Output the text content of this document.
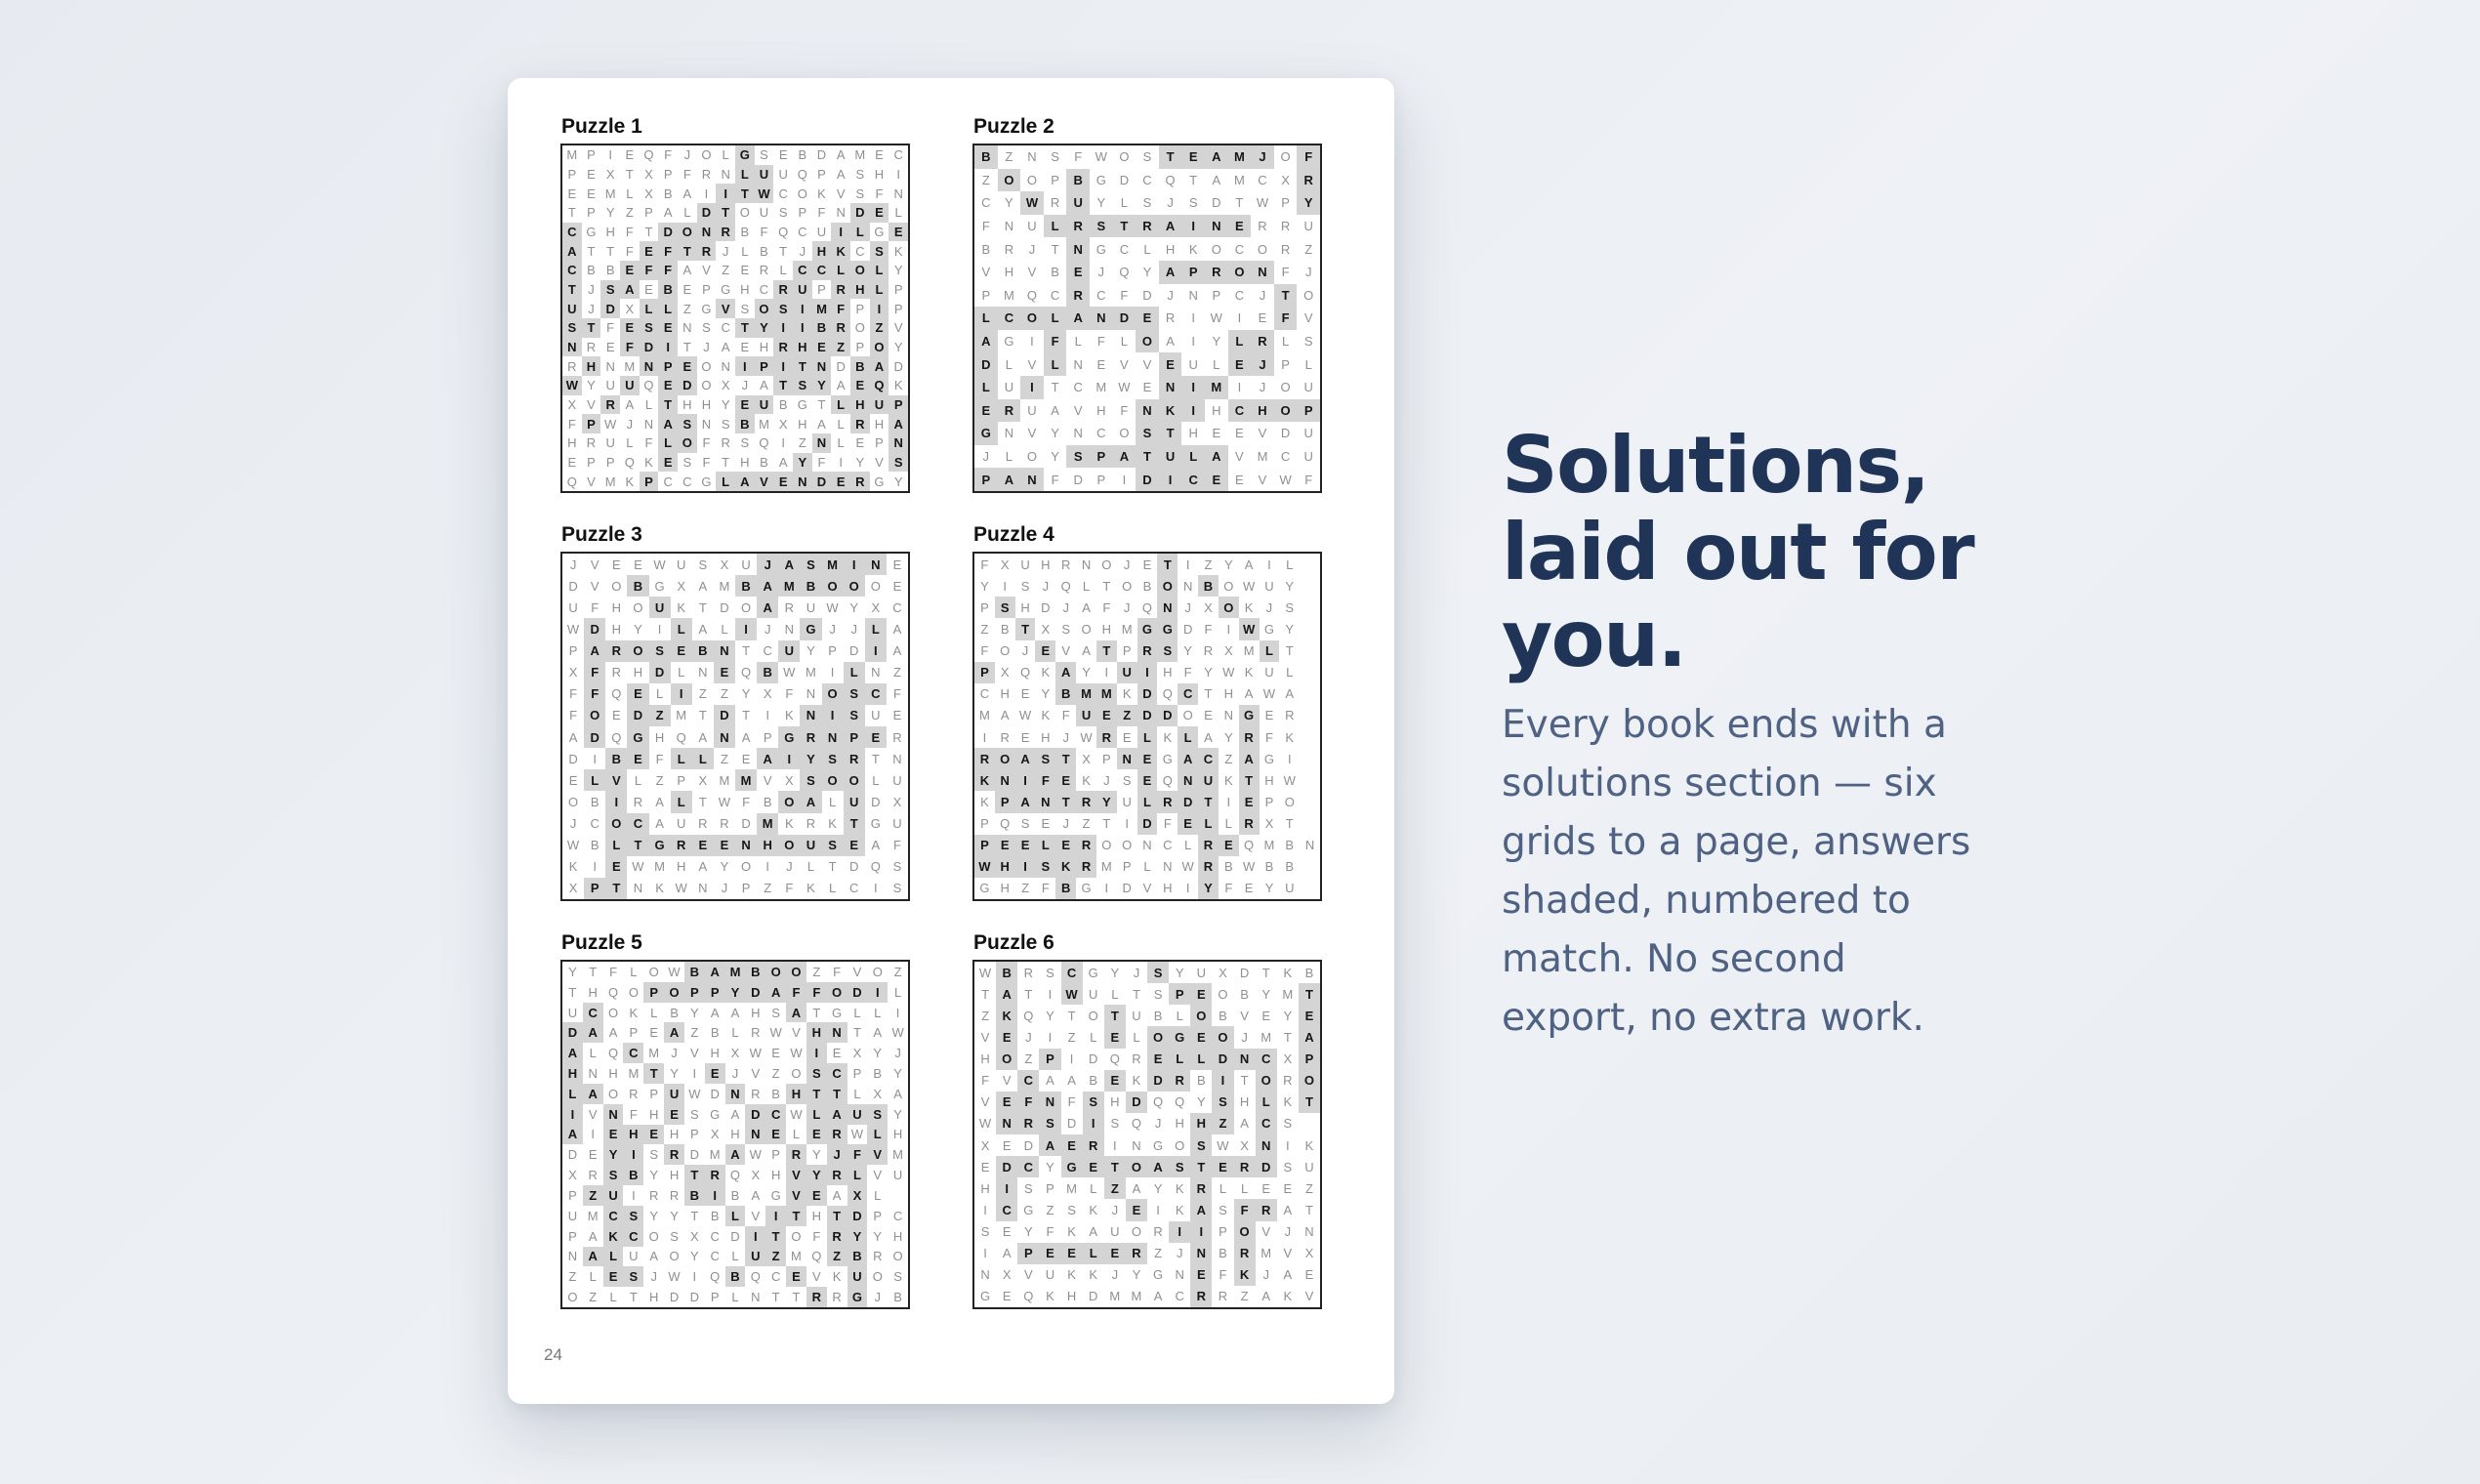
Puzzle 1
M P	I	E Q F J O L G S E B D A M E C
P E X T X P F R N L U U Q P A S H	I
E E M L X B A	I	I	T W C O K V S F N
T P Y Z P A L D T O U S P F N D E L
C G H F T D O N R B F Q C U	I	L G E
A T T F E F T R J L B T J H K C S K
C B B E F F A V Z E R L C C L O L Y
T J S A E B E P G H C R U P R H L P
U J D X L L Z G V S O S	I M F P	I	P
S T F E S E N S C T Y	I	I	B R O Z V
N R E F D	I	T J A E H R H E Z P O Y
R H N M N P E O N	I	P	I	T N D B A D
W Y U U Q E D O X J A T S Y A E Q K
X V R A L T H H Y E U B G T L H U P
F P W J N A S N S B M X H A L R H A
H R U L F L O F R S Q I	Z N L E P N
E P P Q K E S F T H B A Y F	I	Y V S
Q V M K P C C G L A V E N D E R G Y
Puzzle 2
B	Z	N	S	F	W O	S	T	E	A	M	J	O	F
Z	O	O	P	B	G	D	C	Q	T	A	M	C	X	R
C	Y	W R	U	Y	L	S	J	S	D	T	W	P	Y
F	N	U	L	R	S	T	R	A	I	N	E	R	R	U
B	R	J	T	N	G	C	L	H	K	O	C	O	R	Z
V	H	V	B	E	J	Q	Y	A	P	R	O	N	F	J
P	M	Q	C	R	C	F	D	J	N	P	C	J	T	O
L	C	O	L	A	N	D	E	R	I	W	I	E	F	V
A	G	I	F	L	F	L	O	A	I	Y	L	R	L	S
D	L	V	L	N	E	V	V	E	U	L	E	J	P	L
L	U	I	T	C	M W	E	N	I	M	I	J	O	U
E	R	U	A	V	H	F	N	K	I	H	C	H	O	P
G	N	V	Y	N	C	O	S	T	H	E	E	V	D	U
J	L	O	Y	S	P	A	T	U	L	A	V	M	C	U
P	A	N	F	D	P	I	D	I	C	E	E	V	W	F
Puzzle 3
J	V	E	E W U	S	X	U	J	A	S M	I	N	E
D	V O B G X	A M B A M B O O O E
U	F	H O U	K	T	D O A R U W Y	X	C
W D H	Y	I	L	A	L	I	J	N G	J	J	L	A
P	A R O S	E	B N	T	C U	Y	P	D	I	A
X	F	R H D	L	N	E Q B W M	I	L	N	Z
F	F	Q E	L	I	Z	Z	Y	X	F	N O S	C	F
F	O E	D	Z M T	D	T	I	K	N	I	S	U	E
A	D Q G H Q A	N	A	P G R N	P	E	R
D	I	B	E	F	L	L	Z	E	A	I	Y	S	R	T	N
E	L	V	L	Z	P	X M M V	X	S O O	L	U
O B	I	R	A	L	T W F	B O A	L	U D	X
J	C O C	A	U R R D M K	R	K	T	G U
W B	L	T	G R	E	E	N H O U	S	E	A	F
K	I	E W M H	A	Y O	I	J	L	T	D Q S
X	P	T	N	K W N	J	P	Z	F	K	L	C	I	S
Puzzle 4
F X U H R N O J	E T	I	Z Y A	I	L
Y	I	S	J Q L	T O B O N B O W U Y
P S H D J	A F	J Q N J	X O K	J	S
Z B T X S O H M G G D F	I W G Y
F O J	E V A T P R S Y R X M L T
P X Q K A Y	I	U	I	H F Y W K U L
C H E Y B M M K D Q C T H A W A
M A W K F U E Z D D O E N G E R
I	R E H J W R E L K L A Y R F K
R O A S T X P N E G A C Z A G	I
K N	I	F E K	J	S E Q N U K T H W
K P A N T R Y U L R D T	I	E P O
P Q S E	J	Z T	I	D F E L	L R X T
P E E L E R O O N C L R E Q M B N
W H	I	S K R M P L N W R B W B B
G H Z F B G	I	D V H	I	Y F E Y U
Puzzle 5
Y T F	L O W B A M B O O Z F V O Z
T H Q O P O P P Y D A F F O D	I	L
U C O K L B Y A A H S A T G L	L	I
D A A P E A Z B L R W V H N T A W
A L Q C M J	V H X W E W I	E X Y	J
H N H M T Y	I	E	J	V Z O S C P B Y
L A O R P U W D N R B H T T	L X A
I	V N F H E S G A D C W L A U S Y
A	I	E H E H P X H N E L E R W L H
D E Y	I	S R D M A W P R Y J	F V M
X R S B Y H T R Q X H V Y R L V U
P Z U	I	R R B	I	B A G V E A X L
U M C S Y Y T B L V	I	T H T D P C
P A K C O S X C D	I	T O F R Y Y H
N A L U A O Y C L U Z M Q Z B R O
Z	L E S	J W I	Q B Q C E V K U O S
O Z	L	T H D D P L N T T R R G J	B
Puzzle 6
W B R	S	C G Y	J	S	Y	U	X	D	T	K	B
T	A	T	I	W U	L	T	S	P	E O B	Y M T
Z	K Q Y	T	O	T	U	B	L	O B	V	E	Y	E
V	E	J	I	Z	L	E	L	O G E O	J	M T	A
H O	Z	P	I	D Q R	E	L	L	D N C	X	P
F	V	C	A	A	B	E	K	D R	B	I	T	O R O
V	E	F	N	F	S	H D Q Q Y	S	H	L	K	T
W N R	S	D	I	S Q	J	H H	Z	A	C	S
X	E	D A	E	R	I	N G O S W X	N	I	K
E	D C	Y G E	T	O A	S	T	E	R D	S	U
H	I	S	P M	L	Z	A	Y	K	R	L	L	E	E	Z
I	C G	Z	S	K	J	E	I	K	A	S	F	R	A	T
S	E	Y	F	K	A	U O R	I	I	P O V	J	N
I	A	P	E	E	L	E	R	Z	J	N	B	R M V	X
N	X	V	U	K	K	J	Y G N	E	F	K	J	A	E
G E Q K	H D M M A	C R R	Z	A	K	V
24
Solutions,
laid out for
you.

Every book ends with a
solutions section — six
grids to a page, answers
shaded, numbered to
match. No second
export, no extra work.
